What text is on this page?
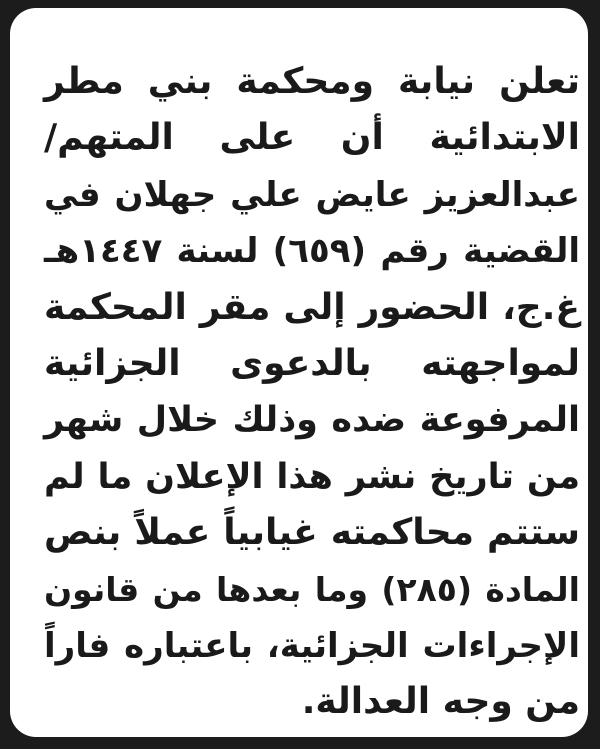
تعلن نيابة ومحكمة بني مطر
الابتدائية أن على المتهم/
عبدالعزيز عايض علي جهلان في
القضية رقم (٦٥٩) لسنة ١٤٤٧هـ
غ.ج، الحضور إلى مقر المحكمة
لمواجهته بالدعوى الجزائية
المرفوعة ضده وذلك خلال شهر
من تاريخ نشر هذا الإعلان ما لم
ستتم محاكمته غيابياً عملاً بنص
المادة (٢٨٥) وما بعدها من قانون
الإجراءات الجزائية، باعتباره فاراً
من وجه العدالة.
